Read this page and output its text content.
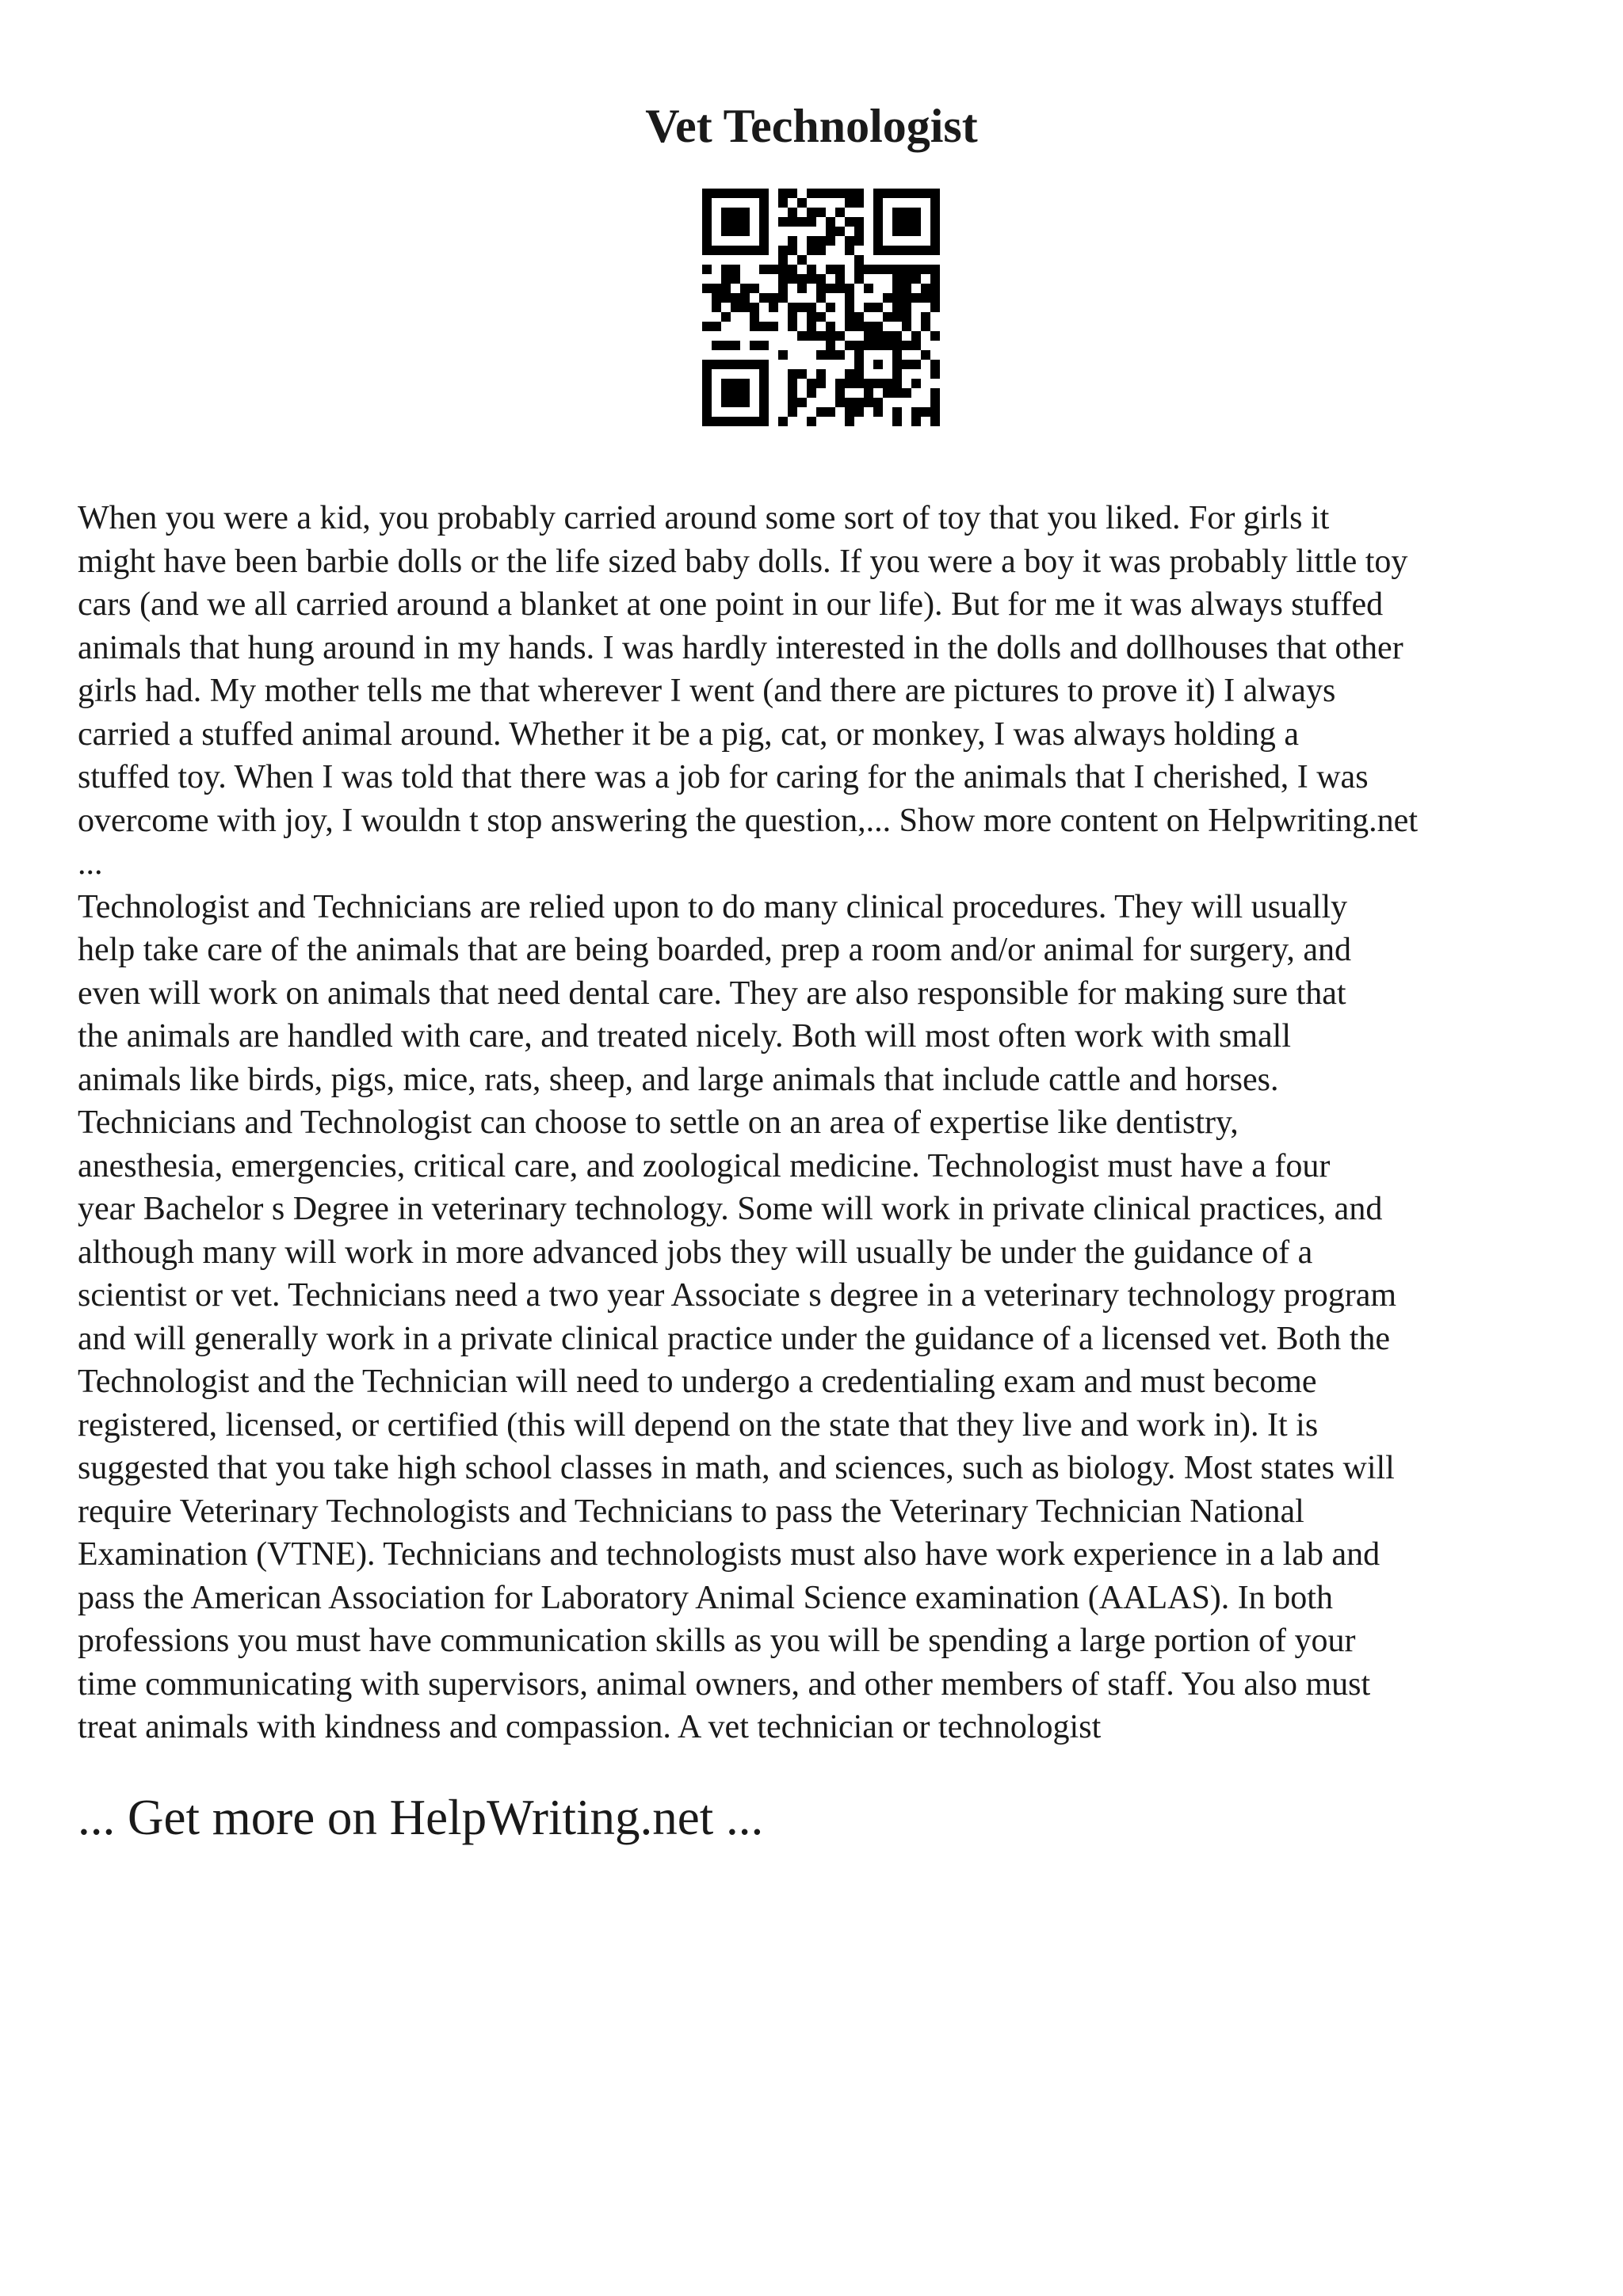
Vet Technologist
When you were a kid, you probably carried around some sort of toy that you liked. For girls it
might have been barbie dolls or the life sized baby dolls. If you were a boy it was probably little toy
cars (and we all carried around a blanket at one point in our life). But for me it was always stuffed
animals that hung around in my hands. I was hardly interested in the dolls and dollhouses that other
girls had. My mother tells me that wherever I went (and there are pictures to prove it) I always
carried a stuffed animal around. Whether it be a pig, cat, or monkey, I was always holding a
stuffed toy. When I was told that there was a job for caring for the animals that I cherished, I was
overcome with joy, I wouldn t stop answering the question,... Show more content on Helpwriting.net
...
Technologist and Technicians are relied upon to do many clinical procedures. They will usually
help take care of the animals that are being boarded, prep a room and/or animal for surgery, and
even will work on animals that need dental care. They are also responsible for making sure that
the animals are handled with care, and treated nicely. Both will most often work with small
animals like birds, pigs, mice, rats, sheep, and large animals that include cattle and horses.
Technicians and Technologist can choose to settle on an area of expertise like dentistry,
anesthesia, emergencies, critical care, and zoological medicine. Technologist must have a four
year Bachelor s Degree in veterinary technology. Some will work in private clinical practices, and
although many will work in more advanced jobs they will usually be under the guidance of a
scientist or vet. Technicians need a two year Associate s degree in a veterinary technology program
and will generally work in a private clinical practice under the guidance of a licensed vet. Both the
Technologist and the Technician will need to undergo a credentialing exam and must become
registered, licensed, or certified (this will depend on the state that they live and work in). It is
suggested that you take high school classes in math, and sciences, such as biology. Most states will
require Veterinary Technologists and Technicians to pass the Veterinary Technician National
Examination (VTNE). Technicians and technologists must also have work experience in a lab and
pass the American Association for Laboratory Animal Science examination (AALAS). In both
professions you must have communication skills as you will be spending a large portion of your
time communicating with supervisors, animal owners, and other members of staff. You also must
treat animals with kindness and compassion. A vet technician or technologist
... Get more on HelpWriting.net ...
